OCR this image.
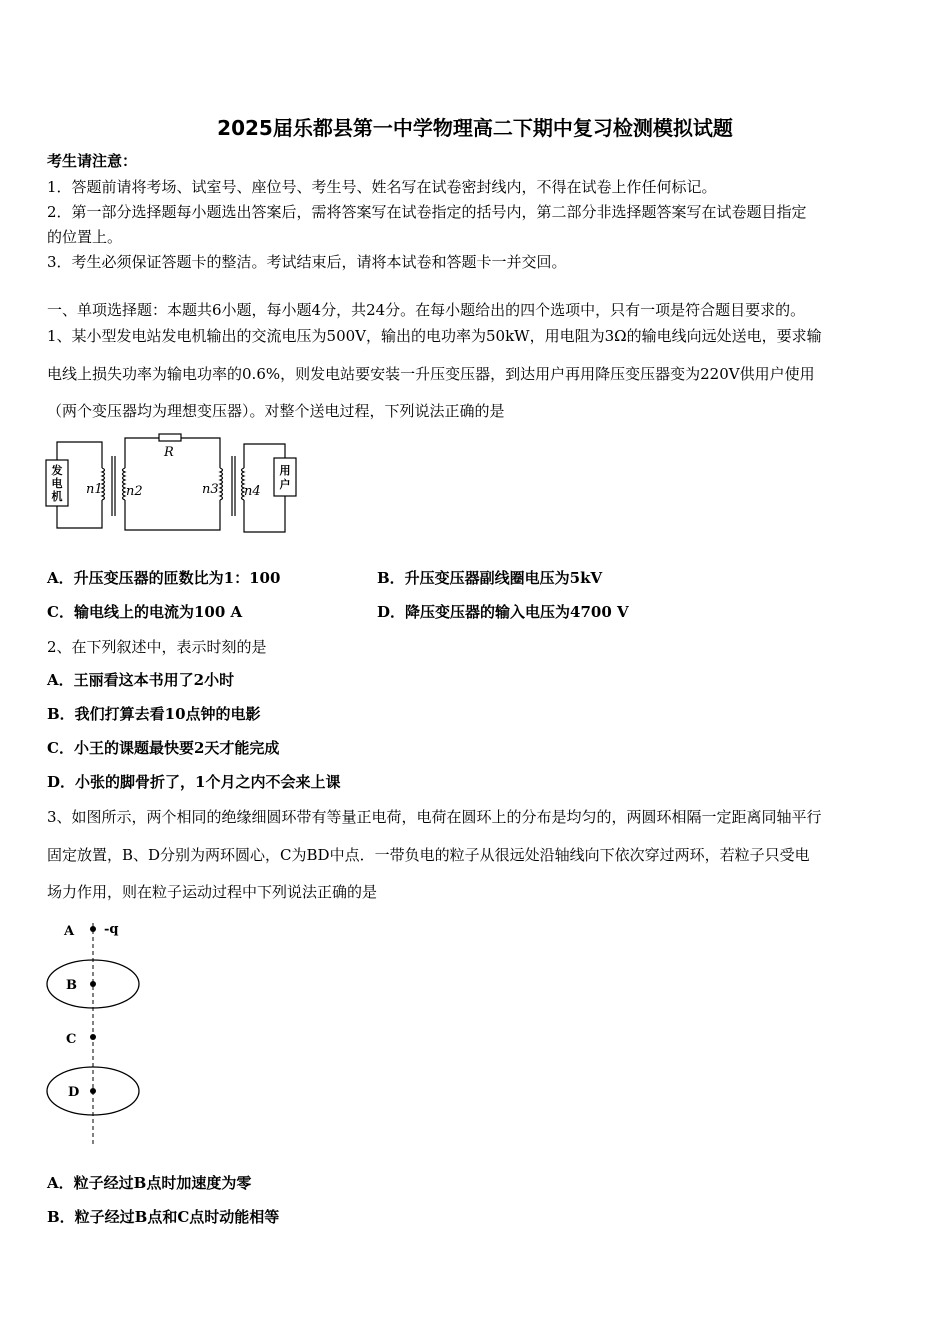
2025届乐都县第一中学物理高二下期中复习检测模拟试题
考生请注意：
1．答题前请将考场、试室号、座位号、考生号、姓名写在试卷密封线内，不得在试卷上作任何标记。
2．第一部分选择题每小题选出答案后，需将答案写在试卷指定的括号内，第二部分非选择题答案写在试卷题目指定
的位置上。
3．考生必须保证答题卡的整洁。考试结束后，请将本试卷和答题卡一并交回。
一、单项选择题：本题共6小题，每小题4分，共24分。在每小题给出的四个选项中，只有一项是符合题目要求的。
1、某小型发电站发电机输出的交流电压为500V，输出的电功率为50kW，用电阻为3Ω的输电线向远处送电，要求输
电线上损失功率为输电功率的0.6%，则发电站要安装一升压变压器，到达用户再用降压变压器变为220V供用户使用
（两个变压器均为理想变压器）。对整个送电过程，下列说法正确的是
发
电
机
用
户
R
n1 n2	n3 n4
A．升压变压器的匝数比为1：100	B．升压变压器副线圈电压为5kV
C．输电线上的电流为100 A	D．降压变压器的输入电压为4700 V
2、在下列叙述中，表示时刻的是
A．王丽看这本书用了2小时
B．我们打算去看10点钟的电影
C．小王的课题最快要2天才能完成
D．小张的脚骨折了，1个月之内不会来上课
3、如图所示，两个相同的绝缘细圆环带有等量正电荷，电荷在圆环上的分布是均匀的，两圆环相隔一定距离同轴平行
固定放置，B、D分别为两环圆心，C为BD中点．一带负电的粒子从很远处沿轴线向下依次穿过两环，若粒子只受电
场力作用，则在粒子运动过程中下列说法正确的是
A -q
B
C
D
A．粒子经过B点时加速度为零
B．粒子经过B点和C点时动能相等
